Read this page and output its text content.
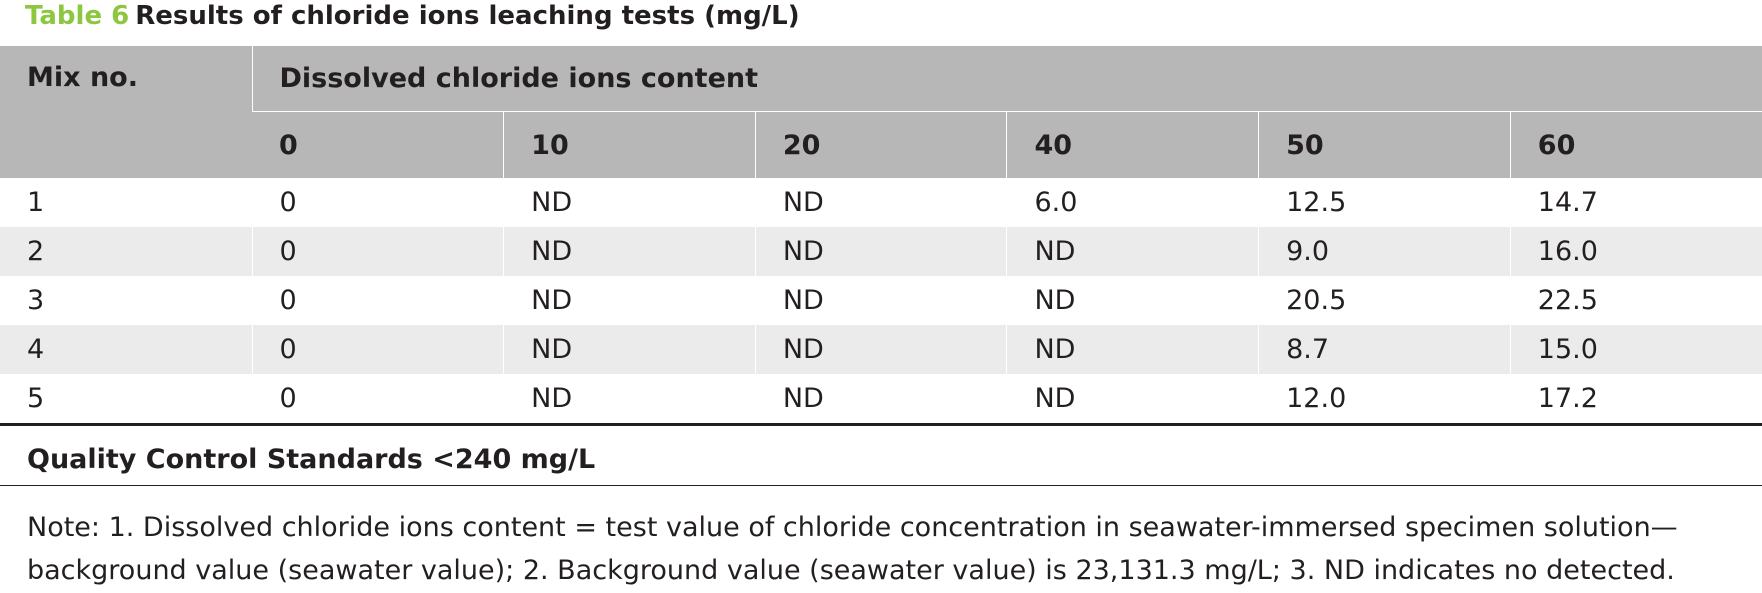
Table 6 Results of chloride ions leaching tests (mg/L)
Mix no.	Dissolved chloride ions content					
	0	10	20	40	50	60
1	0	ND	ND	6.0	12.5	14.7
2	0	ND	ND	ND	9.0	16.0
3	0	ND	ND	ND	20.5	22.5
4	0	ND	ND	ND	8.7	15.0
5	0	ND	ND	ND	12.0	17.2
Quality Control Standards <240 mg/L
Note: 1. Dissolved chloride ions content = test value of chloride concentration in seawater-immersed specimen solution—
background value (seawater value); 2. Background value (seawater value) is 23,131.3 mg/L; 3. ND indicates no detected.
